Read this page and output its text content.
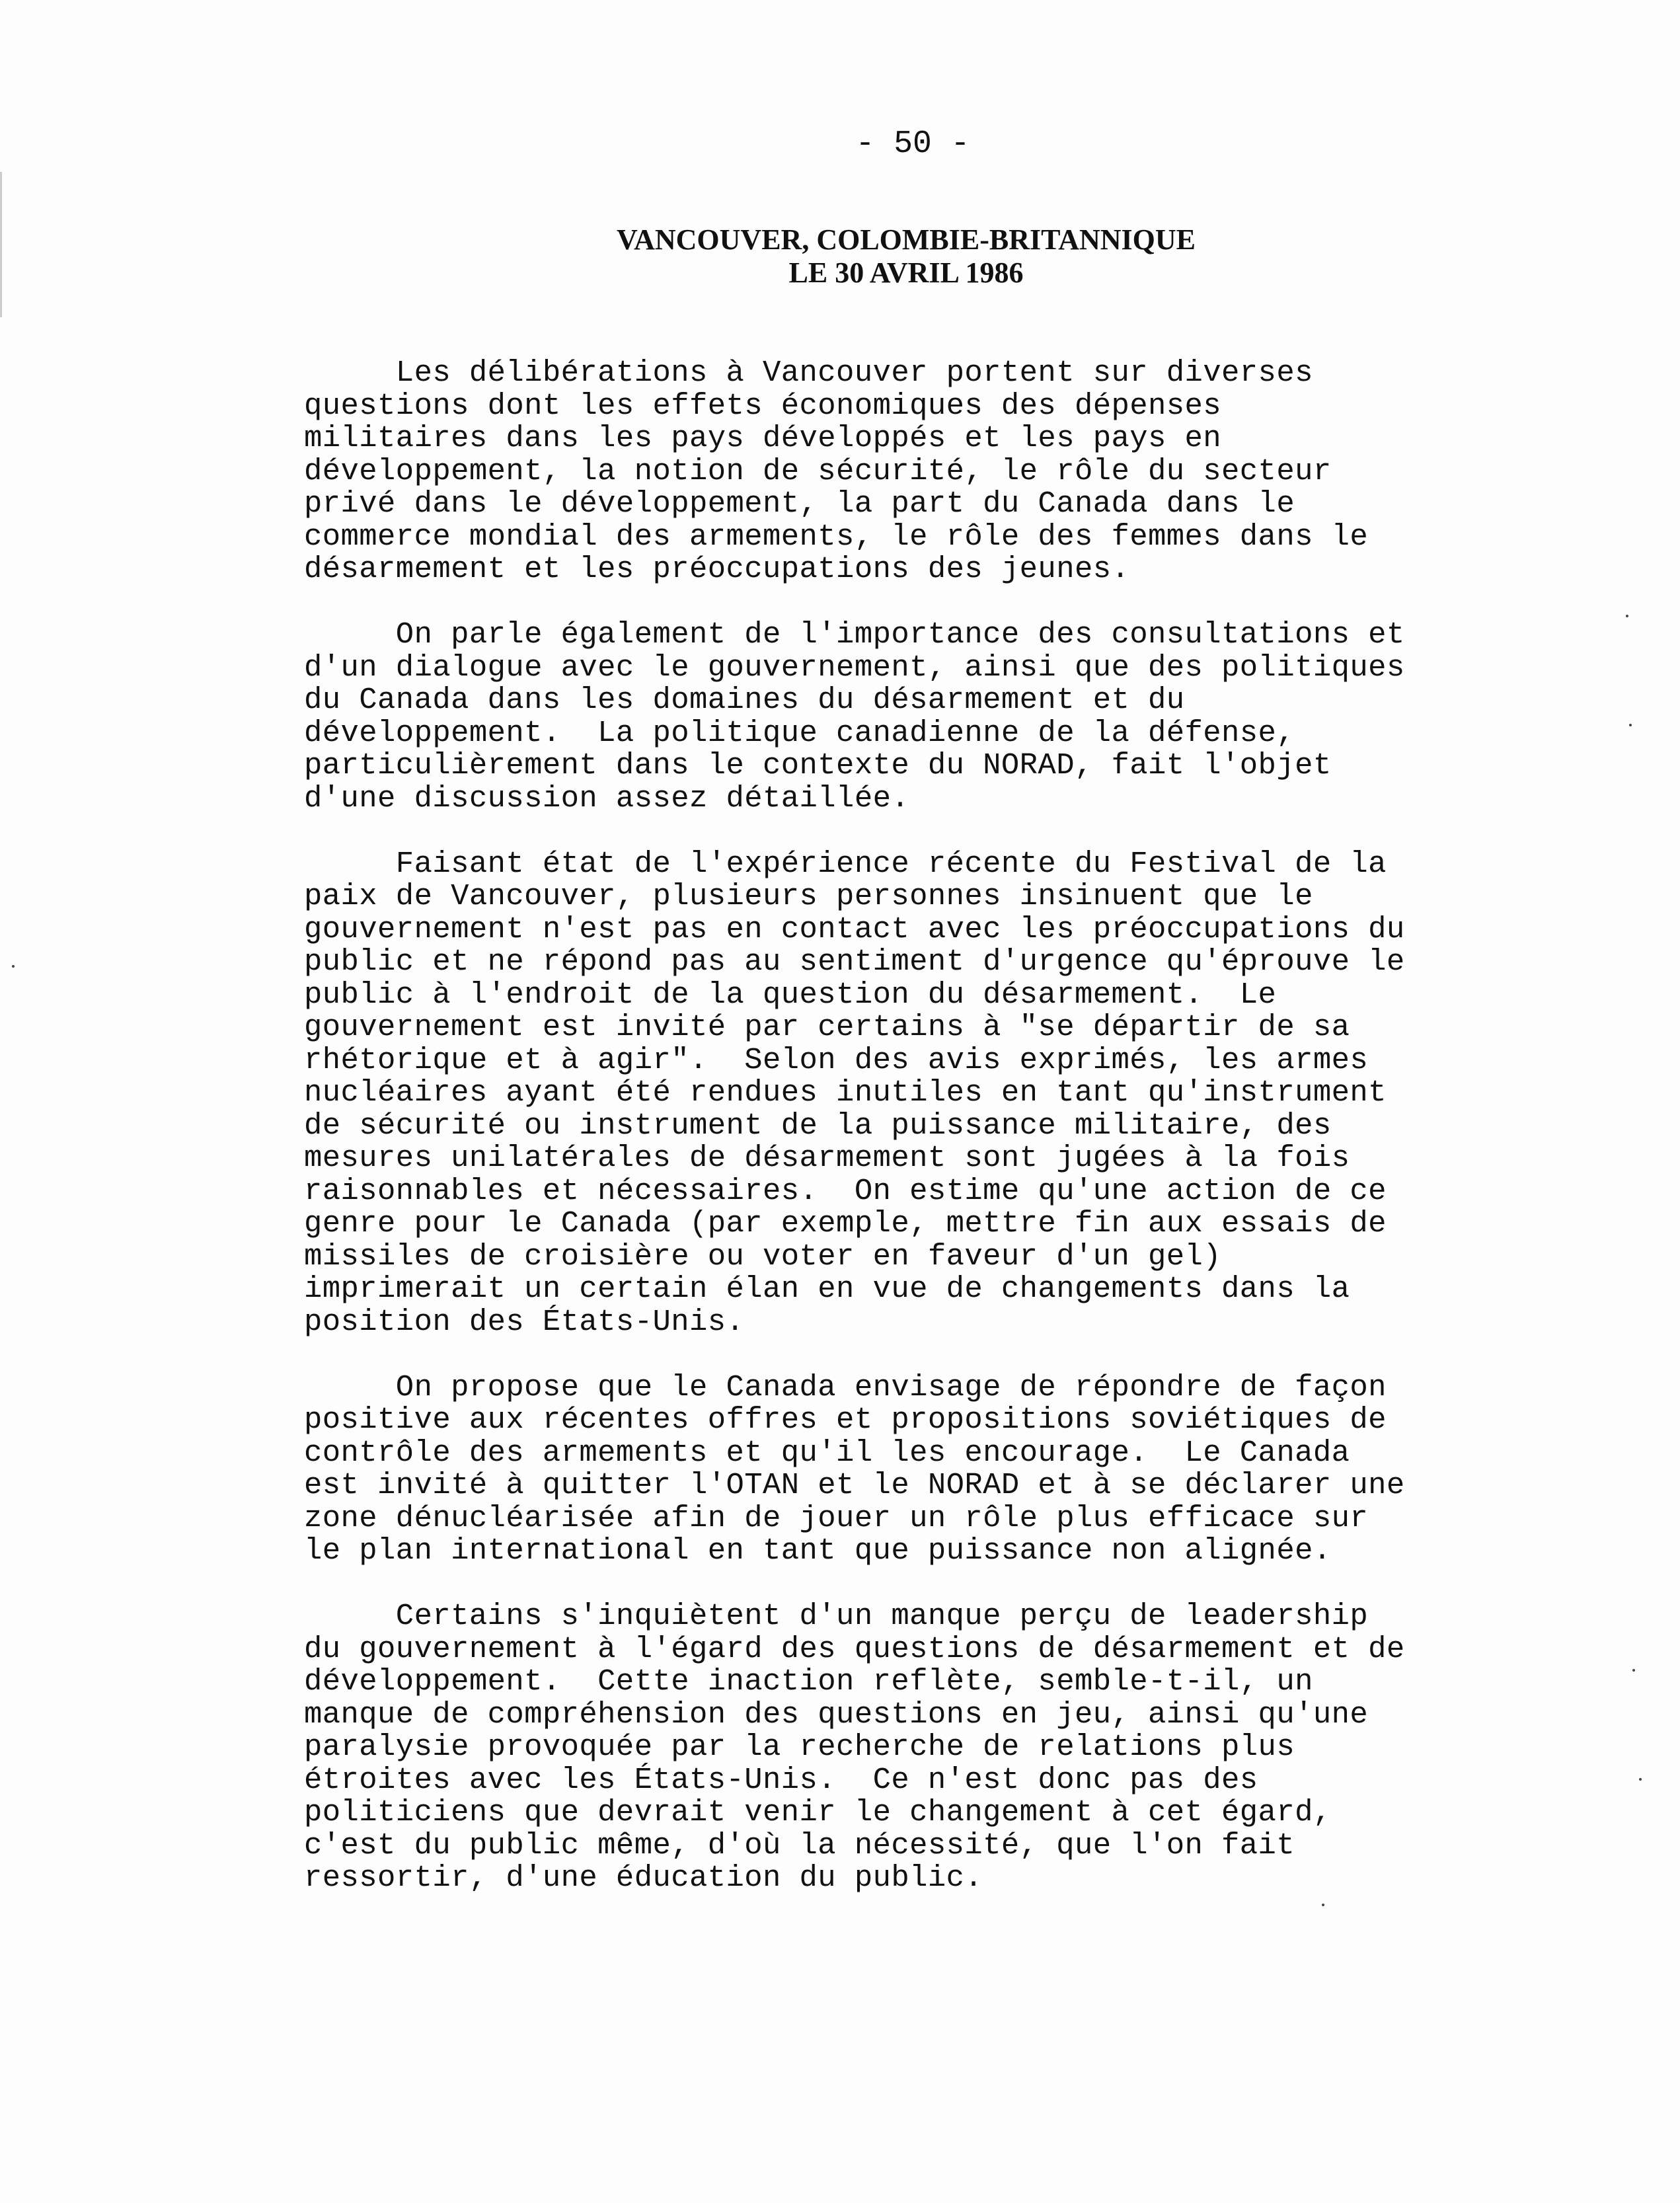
- 50 -
VANCOUVER, COLOMBIE-BRITANNIQUE
LE 30 AVRIL 1986
Les délibérations à Vancouver portent sur diverses
questions dont les effets économiques des dépenses
militaires dans les pays développés et les pays en
développement, la notion de sécurité, le rôle du secteur
privé dans le développement, la part du Canada dans le
commerce mondial des armements, le rôle des femmes dans le
désarmement et les préoccupations des jeunes.
On parle également de l'importance des consultations et
d'un dialogue avec le gouvernement, ainsi que des politiques
du Canada dans les domaines du désarmement et du
développement.  La politique canadienne de la défense,
particulièrement dans le contexte du NORAD, fait l'objet
d'une discussion assez détaillée.
Faisant état de l'expérience récente du Festival de la
paix de Vancouver, plusieurs personnes insinuent que le
gouvernement n'est pas en contact avec les préoccupations du
public et ne répond pas au sentiment d'urgence qu'éprouve le
public à l'endroit de la question du désarmement.  Le
gouvernement est invité par certains à "se départir de sa
rhétorique et à agir".  Selon des avis exprimés, les armes
nucléaires ayant été rendues inutiles en tant qu'instrument
de sécurité ou instrument de la puissance militaire, des
mesures unilatérales de désarmement sont jugées à la fois
raisonnables et nécessaires.  On estime qu'une action de ce
genre pour le Canada (par exemple, mettre fin aux essais de
missiles de croisière ou voter en faveur d'un gel)
imprimerait un certain élan en vue de changements dans la
position des États-Unis.
On propose que le Canada envisage de répondre de façon
positive aux récentes offres et propositions soviétiques de
contrôle des armements et qu'il les encourage.  Le Canada
est invité à quitter l'OTAN et le NORAD et à se déclarer une
zone dénucléarisée afin de jouer un rôle plus efficace sur
le plan international en tant que puissance non alignée.
Certains s'inquiètent d'un manque perçu de leadership
du gouvernement à l'égard des questions de désarmement et de
développement.  Cette inaction reflète, semble-t-il, un
manque de compréhension des questions en jeu, ainsi qu'une
paralysie provoquée par la recherche de relations plus
étroites avec les États-Unis.  Ce n'est donc pas des
politiciens que devrait venir le changement à cet égard,
c'est du public même, d'où la nécessité, que l'on fait
ressortir, d'une éducation du public.
